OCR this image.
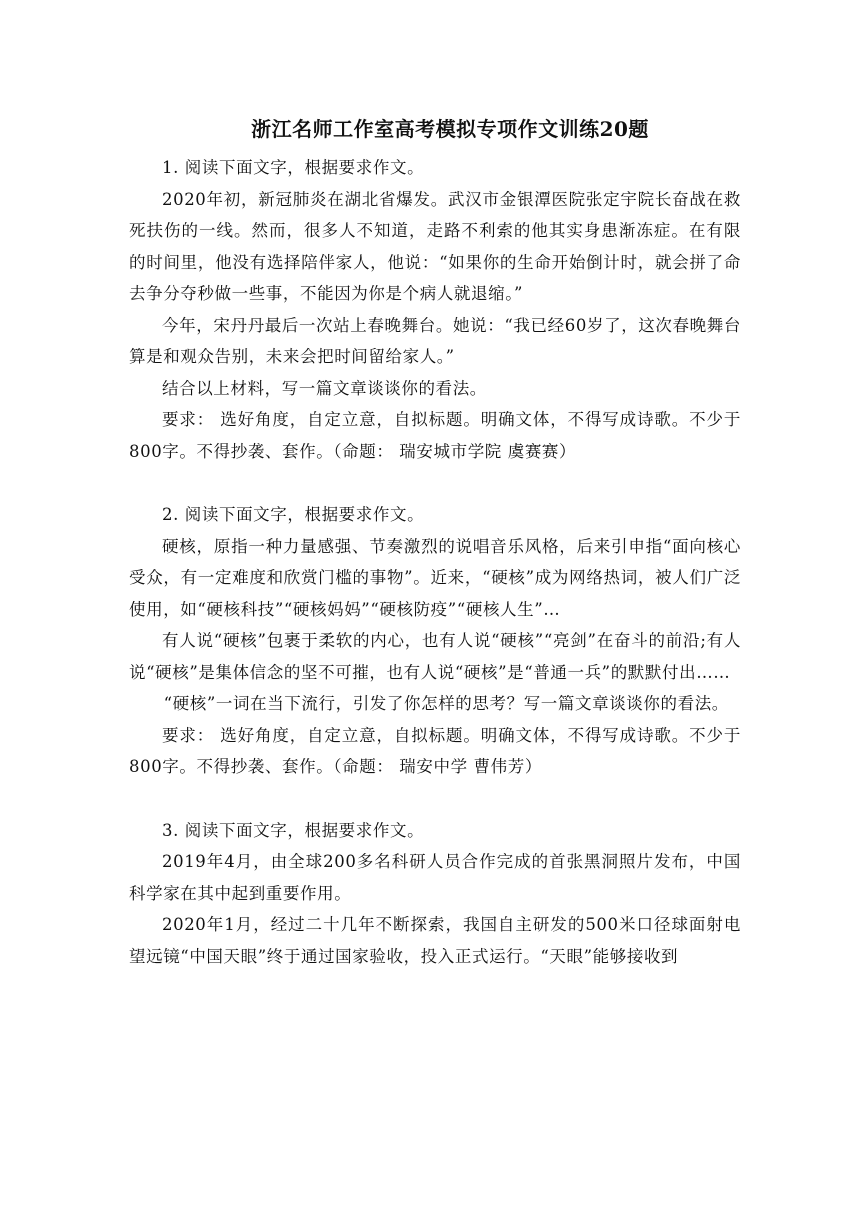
浙江名师工作室高考模拟专项作文训练20题

1. 阅读下面文字，根据要求作文。

2020年初，新冠肺炎在湖北省爆发。武汉市金银潭医院张定宇院长奋战在救死扶伤的一线。然而，很多人不知道，走路不利索的他其实身患渐冻症。在有限的时间里，他没有选择陪伴家人，他说：“如果你的生命开始倒计时，就会拼了命去争分夺秒做一些事，不能因为你是个病人就退缩。”

今年，宋丹丹最后一次站上春晚舞台。她说：“我已经60岁了，这次春晚舞台算是和观众告别，未来会把时间留给家人。”

结合以上材料，写一篇文章谈谈你的看法。

要求： 选好角度，自定立意，自拟标题。明确文体，不得写成诗歌。不少于800字。不得抄袭、套作。（命题： 瑞安城市学院 虞赛赛）

2. 阅读下面文字，根据要求作文。

硬核，原指一种力量感强、节奏激烈的说唱音乐风格，后来引申指“面向核心受众，有一定难度和欣赏门槛的事物”。近来，“硬核”成为网络热词，被人们广泛使用，如“硬核科技”“硬核妈妈”“硬核防疫”“硬核人生”…

有人说“硬核”包裹于柔软的内心，也有人说“硬核”“亮剑”在奋斗的前沿;有人说“硬核”是集体信念的坚不可摧，也有人说“硬核”是“普通一兵”的默默付出……

“硬核”一词在当下流行，引发了你怎样的思考？写一篇文章谈谈你的看法。

要求： 选好角度，自定立意，自拟标题。明确文体，不得写成诗歌。不少于800字。不得抄袭、套作。（命题： 瑞安中学 曹伟芳）

3. 阅读下面文字，根据要求作文。

2019年4月，由全球200多名科研人员合作完成的首张黑洞照片发布，中国科学家在其中起到重要作用。

2020年1月，经过二十几年不断探索，我国自主研发的500米口径球面射电望远镜“中国天眼”终于通过国家验收，投入正式运行。“天眼”能够接收到
